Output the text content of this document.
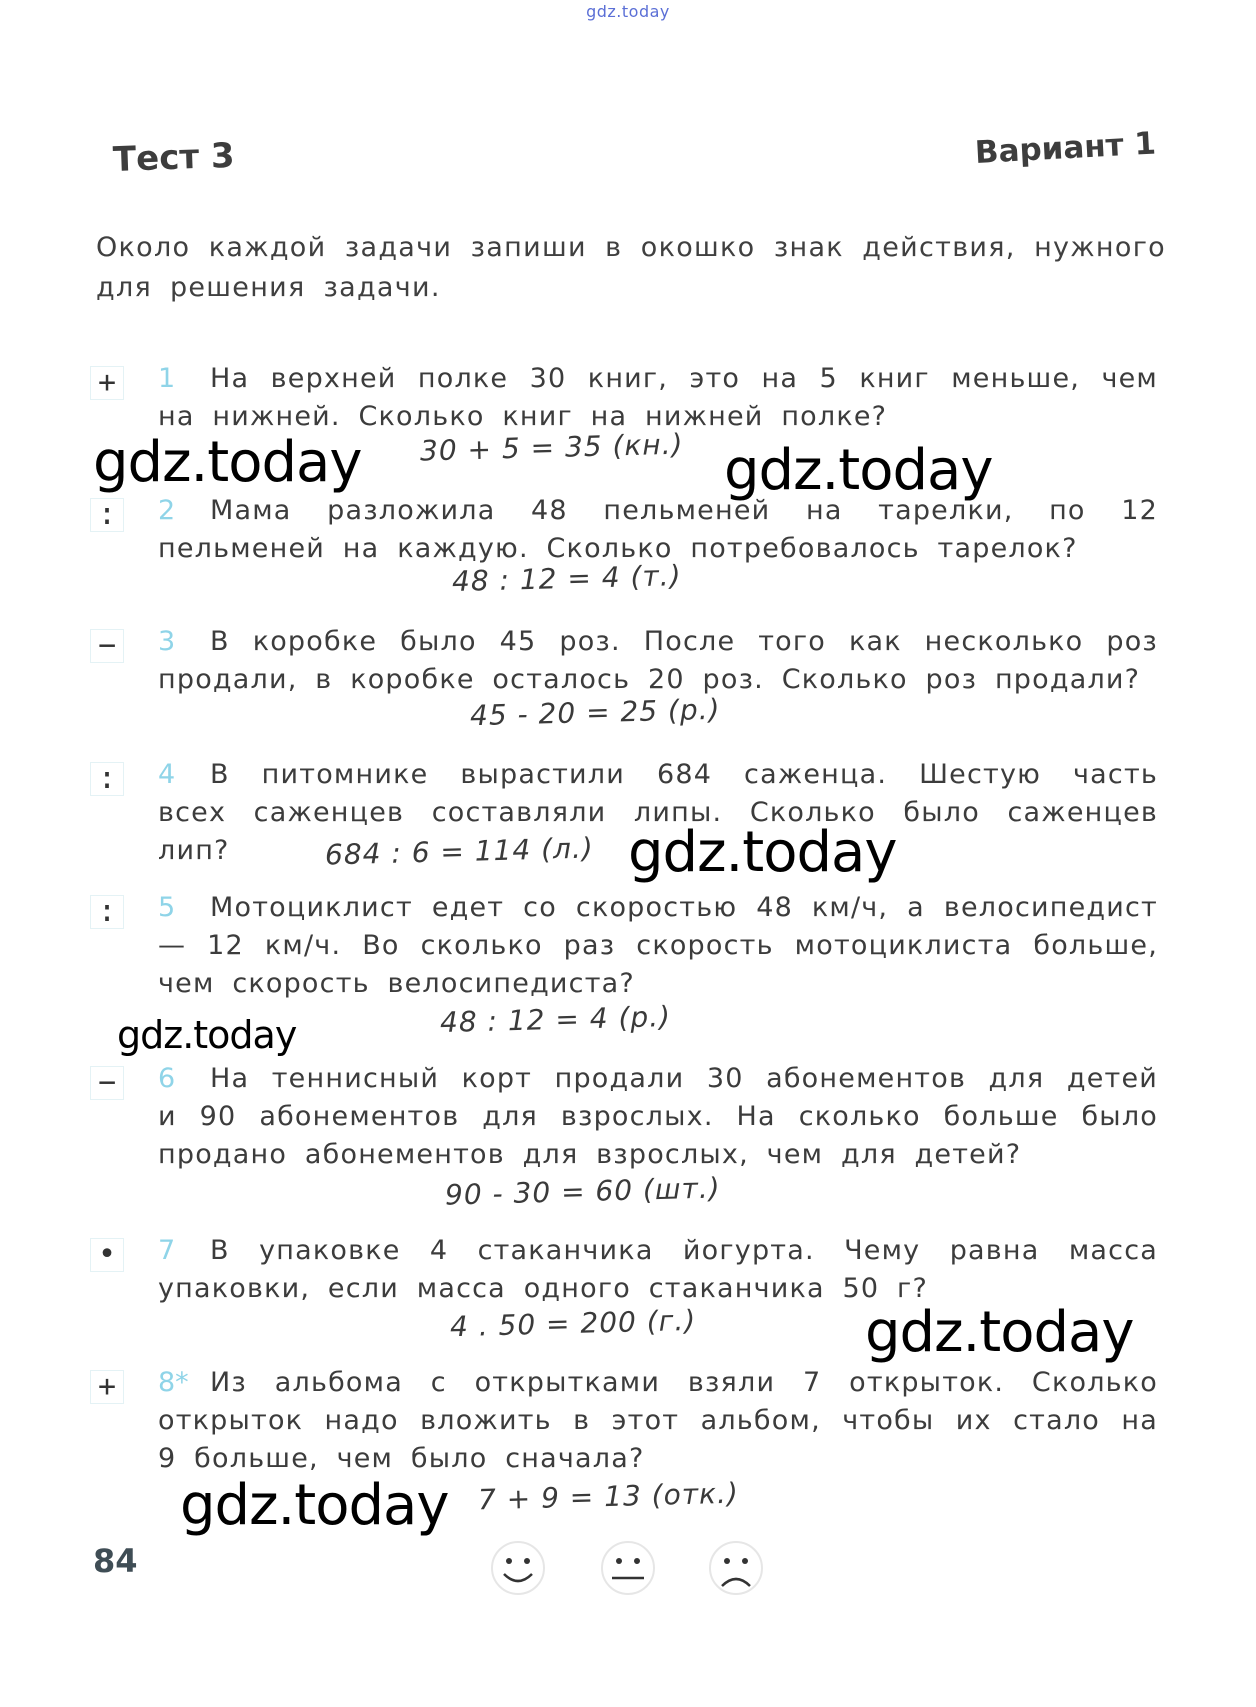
gdz.today
Тест 3	Вариант 1
Около каждой задачи запиши в окошко знак действия, нужного для решения задачи.
+ 1	На верхней полке 30 книг, это на 5 книг меньше, чем на нижней. Сколько книг на нижней полке?
30 + 5 = 35 (кн.)
: 2	Мама разложила 48 пельменей на тарелки, по 12 пельменей на каждую. Сколько потребовалось тарелок?
48 : 12 = 4 (т.)
− 3	В коробке было 45 роз. После того как несколько роз продали, в коробке осталось 20 роз. Сколько роз продали?
45 - 20 = 25 (р.)
: 4	В питомнике вырастили 684 саженца. Шестую часть всех саженцев составляли липы. Сколько было саженцев лип?	684 : 6 = 114 (л.)
: 5	Мотоциклист едет со скоростью 48 км/ч, а велосипедист — 12 км/ч. Во сколько раз скорость мотоциклиста больше, чем скорость велосипедиста?
48 : 12 = 4 (р.)
− 6	На теннисный корт продали 30 абонементов для детей и 90 абонементов для взрослых. На сколько больше было продано абонементов для взрослых, чем для детей?
90 - 30 = 60 (шт.)
• 7	В упаковке 4 стаканчика йогурта. Чему равна масса упаковки, если масса одного стаканчика 50 г?
4 . 50 = 200 (г.)
+ 8* Из альбома с открытками взяли 7 открыток. Сколько открыток надо вложить в этот альбом, чтобы их стало на 9 больше, чем было сначала?
7 + 9 = 13 (отк.)
gdz.today	gdz.today
gdz.today
gdz.today
gdz.today
gdz.today
84
